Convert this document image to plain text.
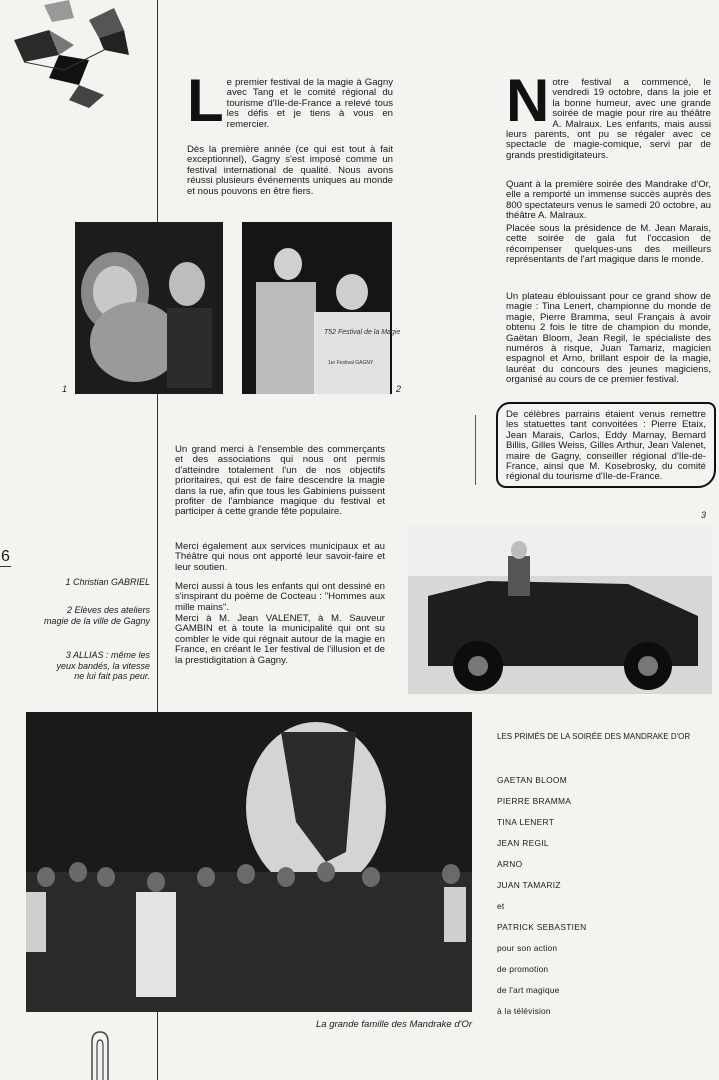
6
Le premier festival de la magie à Gagny avec Tang et le comité régional du tourisme d'Ile-de-France a relevé tous les défis et je tiens à vous en remercier.

Dès la première année (ce qui est tout à fait exceptionnel), Gagny s'est imposé comme un festival international de qualité. Nous avons réussi plusieurs événements uniques au monde et nous pouvons en être fiers.

Notre festival a commencé, le vendredi 19 octobre, dans la joie et la bonne humeur, avec une grande soirée de magie pour rire au théâtre A. Malraux. Les enfants, mais aussi leurs parents, ont pu se régaler avec ce spectacle de magie-comique, servi par de grands prestidigitateurs.

Quant à la première soirée des Mandrake d'Or, elle a remporté un immense succès auprès des 800 spectateurs venus le samedi 20 octobre, au théâtre A. Malraux.

Placée sous la présidence de M. Jean Marais, cette soirée de gala fut l'occasion de récompenser quelques-uns des meilleurs représentants de l'art magique dans le monde.

Un plateau éblouissant pour ce grand show de magie : Tina Lenert, championne du monde de magie, Pierre Bramma, seul Français à avoir obtenu 2 fois le titre de champion du monde, Gaëtan Bloom, Jean Regil, le spécialiste des numéros à risque, Juan Tamariz, magicien espagnol et Arno, brillant espoir de la magie, lauréat du concours des jeunes magiciens, organisé au cours de ce premier festival.

De célèbres parrains étaient venus remettre les statuettes tant convoitées : Pierre Etaix, Jean Marais, Carlos, Eddy Marnay, Bernard Billis, Gilles Weiss, Gilles Arthur, Jean Valenet, maire de Gagny, conseiller régional d'Ile-de-France, ainsi que M. Kosebrosky, du comité régional du tourisme d'Ile-de-France.

1
T52 Festival de la Magie
1er Festival GAGNY
2

Un grand merci à l'ensemble des commerçants et des associations qui nous ont permis d'atteindre totalement l'un de nos objectifs prioritaires, qui est de faire descendre la magie dans la rue, afin que tous les Gabiniens puissent profiter de l'ambiance magique du festival et participer à cette grande fête populaire.

Merci également aux services municipaux et au Théâtre qui nous ont apporté leur savoir-faire et leur soutien.

Merci aussi à tous les enfants qui ont dessiné en s'inspirant du poème de Cocteau : "Hommes aux mille mains".

Merci à M. Jean VALENET, à M. Sauveur GAMBIN et à toute la municipalité qui ont su combler le vide qui régnait autour de la magie en France, en créant le 1er festival de l'illusion et de la prestidigitation à Gagny.

1 Christian GABRIEL
2 Elèves des ateliers magie de la ville de Gagny
3 ALLIAS : même les yeux bandés, la vitesse ne lui fait pas peur.
3
La grande famille des Mandrake d'Or
LES PRIMÉS DE LA SOIRÉE DES MANDRAKE D'OR
GAETAN BLOOM
PIERRE BRAMMA
TINA LENERT
JEAN REGIL
ARNO
JUAN TAMARIZ
et
PATRICK SEBASTIEN
pour son action
de promotion
de l'art magique
à la télévision
